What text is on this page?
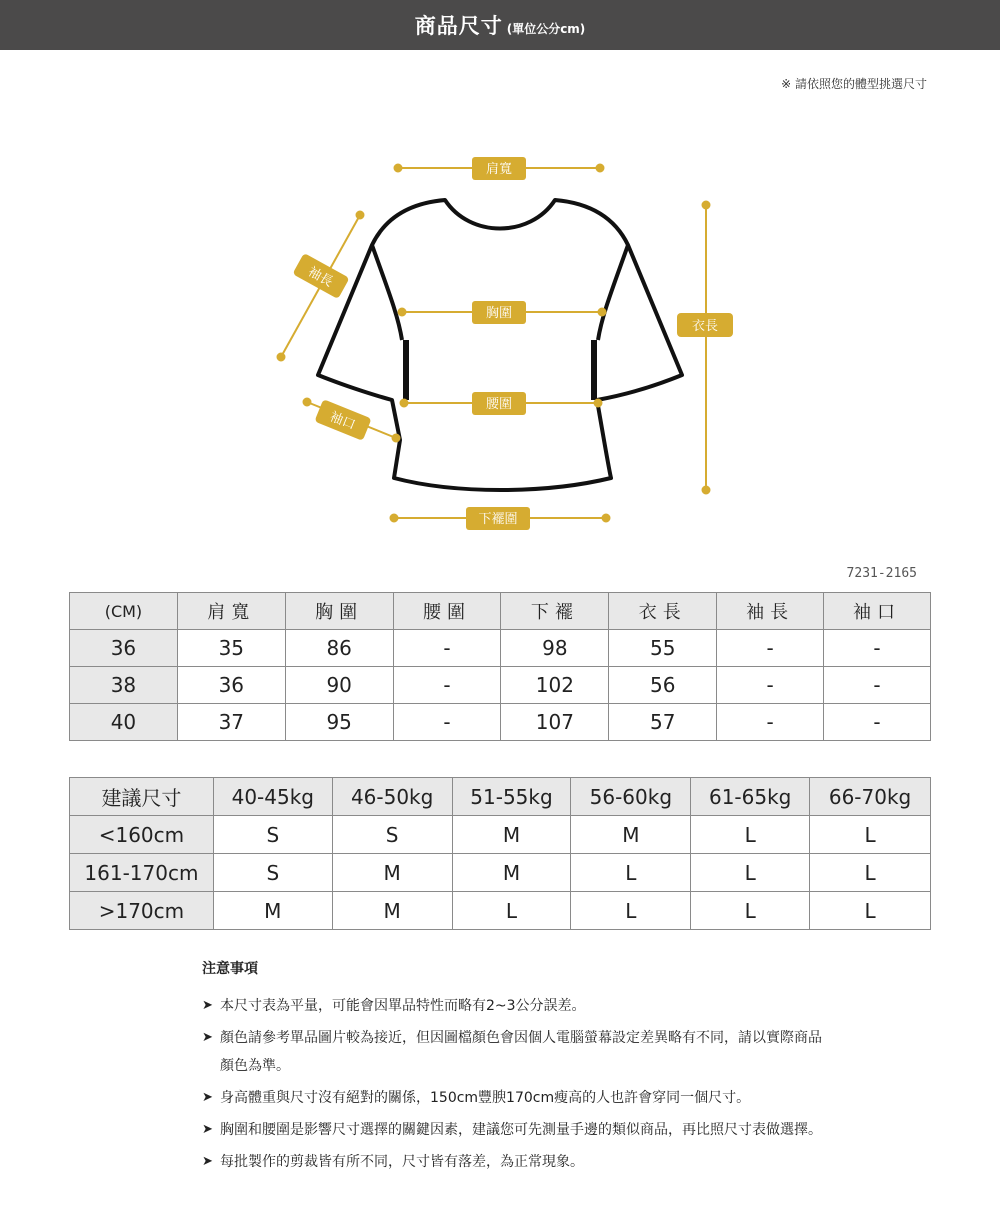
商品尺寸 (單位公分cm)
※ 請依照您的體型挑選尺寸
肩寬
胸圍
腰圍
下襬圍
衣長
袖長
袖口
7231-2165
(CM)	肩寬	胸圍	腰圍	下襬	衣長	袖長	袖口
36	35	86	-	98	55	-	-
38	36	90	-	102	56	-	-
40	37	95	-	107	57	-	-
建議尺寸	40-45kg	46-50kg	51-55kg	56-60kg	61-65kg	66-70kg
<160cm	S	S	M	M	L	L
161-170cm	S	M	M	L	L	L
>170cm	M	M	L	L	L	L
注意事項
➤ 本尺寸表為平量，可能會因單品特性而略有2~3公分誤差。
➤ 顏色請參考單品圖片較為接近，但因圖檔顏色會因個人電腦螢幕設定差異略有不同，請以實際商品顏色為準。
➤ 身高體重與尺寸沒有絕對的關係，150cm豐腴170cm瘦高的人也許會穿同一個尺寸。
➤ 胸圍和腰圍是影響尺寸選擇的關鍵因素，建議您可先測量手邊的類似商品，再比照尺寸表做選擇。
➤ 每批製作的剪裁皆有所不同，尺寸皆有落差，為正常現象。
